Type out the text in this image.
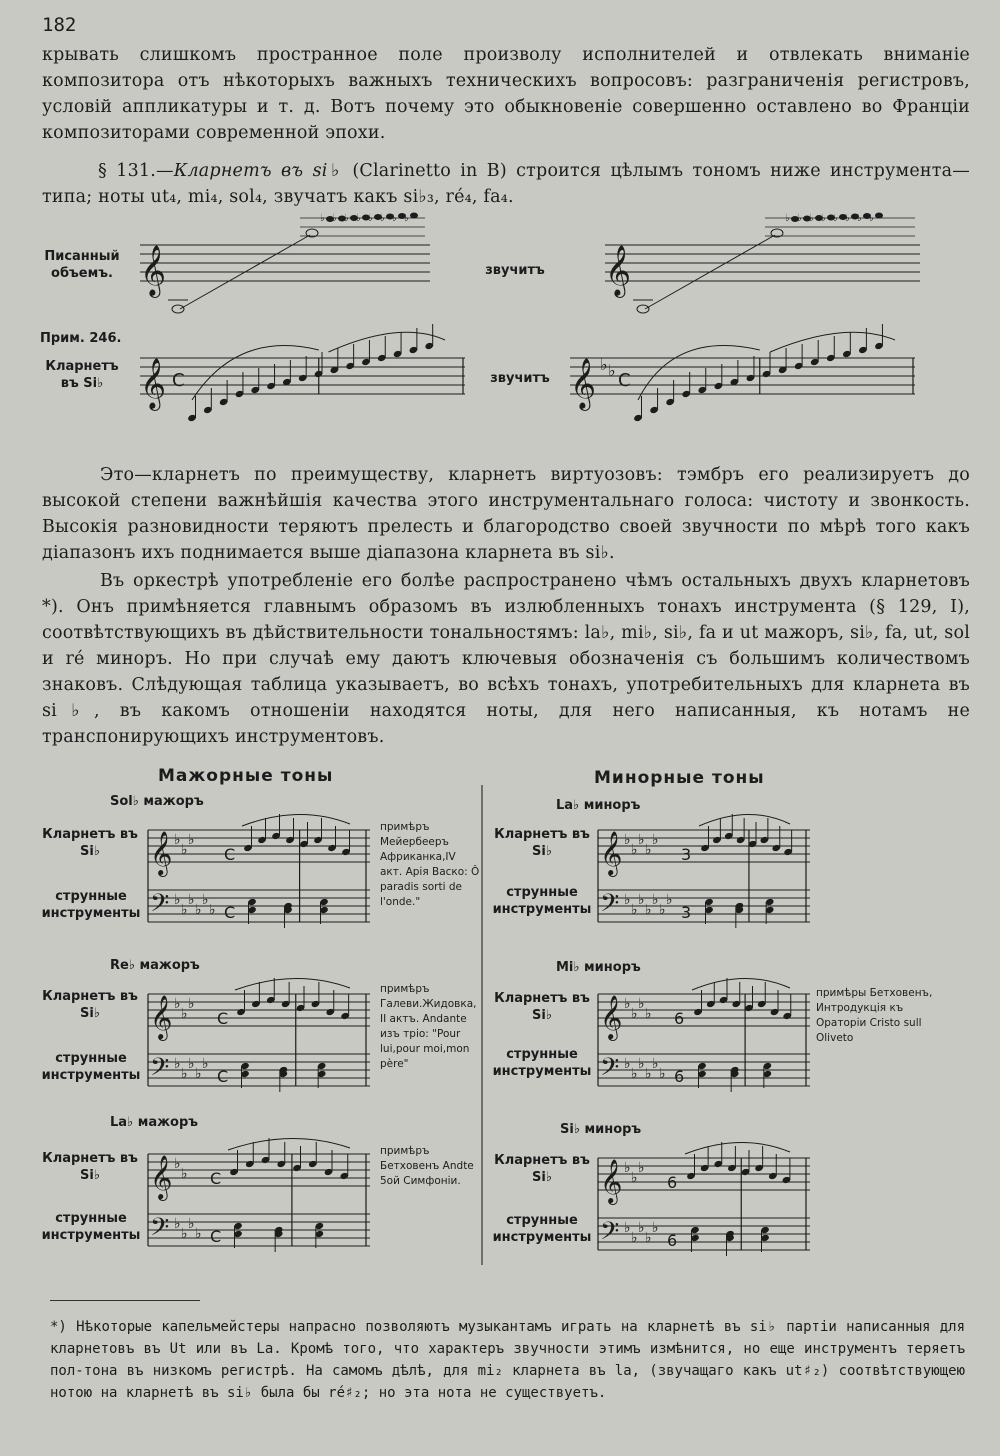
182
крывать слишкомъ пространное поле произволу исполнителей и отвлекать вниманіе композитора отъ нѣкоторыхъ важныхъ техническихъ вопросовъ: разграниченія регистровъ, условій аппликатуры и т. д. Вотъ почему это обыкновеніе совершенно оставлено во Франціи композиторами современной эпохи.
§ 131.—Кларнетъ въ si♭ (Clarinetto in B) строится цѣлымъ тономъ ниже инструмента—типа; ноты ut₄, mi₄, sol₄, звучатъ какъ si♭₃, ré₄, fa₄.
Писанный объемъ.	звучитъ
𝄞
♭ ♭ ♭ ♭ ♭ ♭ ♭ ♭
𝄞
♭ ♭ ♭ ♭ ♭ ♭ ♭ ♭
Прим. 246.
Кларнетъ въ Si♭	звучитъ
𝄞 C	𝄞 ♭ ♭ C
Это—кларнетъ по преимуществу, кларнетъ виртуозовъ: тэмбръ его реализируетъ до высокой степени важнѣйшія качества этого инструментальнаго голоса: чистоту и звонкость. Высокія разновидности теряютъ прелесть и благородство своей звучности по мѣрѣ того какъ діапазонъ ихъ поднимается выше діапазона кларнета въ si♭.
Въ оркестрѣ употребленіе его болѣе распространено чѣмъ остальныхъ двухъ кларнетовъ *). Онъ примѣняется главнымъ образомъ въ излюбленныхъ тонахъ инструмента (§ 129, I), соотвѣтствующихъ въ дѣйствительности тональностямъ: la♭, mi♭, si♭, fa и ut мажоръ, si♭, fa, ut, sol и ré миноръ. Но при случаѣ ему даютъ ключевыя обозначенія съ большимъ количествомъ знаковъ. Слѣдующая таблица указываетъ, во всѣхъ тонахъ, употребительныхъ для кларнета въ si♭, въ какомъ отношеніи находятся ноты, для него написанныя, къ нотамъ не транспонирующихъ инструментовъ.
Мажорные тоны	Минорные тоны
Sol♭ мажоръ
Кларнетъ въ Si♭
струнные инструменты
𝄞
𝄢
♭
♭
♭
♭
♭
♭
♭
♭
♭
C
C
примѣръ Мейербееръ Африканка,IV акт. Арія Васко: Ô paradis sorti de l'onde."
Re♭ мажоръ
Кларнетъ въ Si♭
струнные инструменты
𝄞
𝄢
♭
♭
♭
♭
♭
♭
♭
♭
C
C
примѣръ Галеви.Жидовка, II актъ. Andante изъ тріо: "Pour lui,pour moi,mon père"
La♭ мажоръ
Кларнетъ въ Si♭
струнные инструменты
𝄞
𝄢
♭
♭
♭
♭
♭
♭
C
C
примѣръ Бетховенъ Andte 5ой Симфоніи.
La♭ миноръ
Кларнетъ въ Si♭
струнные инструменты
𝄞
𝄢
♭
♭
♭
♭
♭
♭
♭
♭
♭
♭
♭
♭
3
3
Mi♭ миноръ
Кларнетъ въ Si♭
струнные инструменты
𝄞
𝄢
♭
♭
♭
♭
♭
♭
♭
♭
♭
♭
6
6
примѣры Бетховенъ, Интродукція къ Ораторіи Cristo sull Oliveto
Si♭ миноръ
Кларнетъ въ Si♭
струнные инструменты
𝄞
𝄢
♭
♭
♭
♭
♭
♭
♭
♭
6
6
*) Нѣкоторые капельмейстеры напрасно позволяютъ музыкантамъ играть на кларнетѣ въ si♭ партіи написанныя для кларнетовъ въ Ut или въ La. Кромѣ того, что характеръ звучности этимъ измѣнится, но еще инструментъ теряетъ пол-тона въ низкомъ регистрѣ. На самомъ дѣлѣ, для mi₂ кларнета въ la, (звучащаго какъ ut♯₂) соотвѣтствующею нотою на кларнетѣ въ si♭ была бы ré♯₂; но эта нота не существуетъ.
